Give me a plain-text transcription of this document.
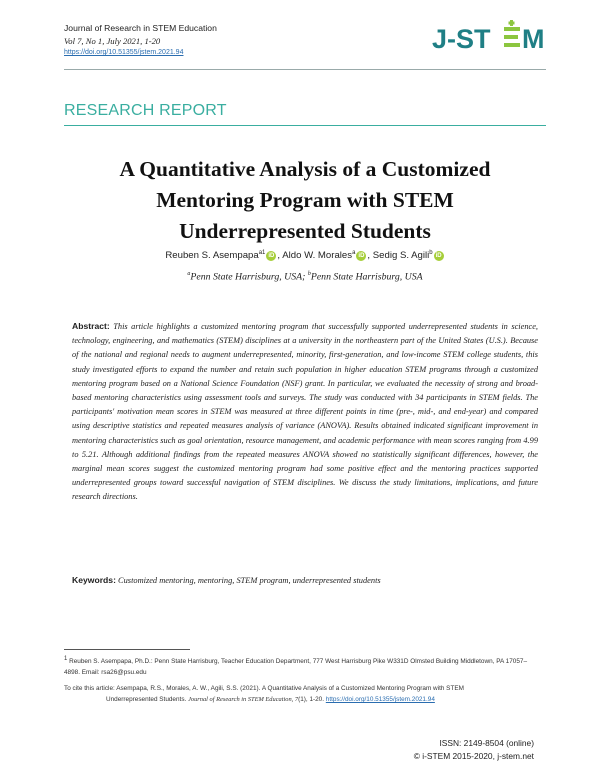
Journal of Research in STEM Education
Vol 7, No 1, July 2021, 1-20
https://doi.org/10.51355/jstem.2021.94	J-ST M
RESEARCH REPORT
A Quantitative Analysis of a Customized
Mentoring Program with STEM
Underrepresented Students
Reuben S. Asempapa$^{a1}$ iD , Aldo W. Morales$^a$ iD , Sedig S. Agili$^b$ iD
$^a$Penn State Harrisburg, USA; $^b$Penn State Harrisburg, USA
Abstract: This article highlights a customized mentoring program that successfully supported underrepresented students in science, technology, engineering, and mathematics (STEM) disciplines at a university in the northeastern part of the United States (U.S.). Because of the national and regional needs to augment underrepresented, minority, first-generation, and low-income STEM college students, this study investigated efforts to expand the number and retain such population in higher education STEM programs through a customized mentoring program based on a National Science Foundation (NSF) grant. In particular, we evaluated the necessity of strong and broad-based mentoring characteristics using assessment tools and surveys. The study was conducted with 34 participants in STEM fields. The participants' motivation mean scores in STEM was measured at three different points in time (pre-, mid-, and end-year) and compared using descriptive statistics and repeated measures analysis of variance (ANOVA). Results obtained indicated significant improvement in mentoring characteristics such as goal orientation, resource management, and academic performance with mean scores ranging from 4.99 to 5.21. Although additional findings from the repeated measures ANOVA showed no statistically significant differences, however, the marginal mean scores suggest the customized mentoring program had some positive effect and the mentoring practices supported underrepresented groups toward successful navigation of STEM disciplines. We discuss the study limitations, implications, and future research directions.
Keywords: Customized mentoring, mentoring, STEM program, underrepresented students
1 Reuben S. Asempapa, Ph.D.: Penn State Harrisburg, Teacher Education Department, 777 West Harrisburg Pike W331D Olmsted Building Middletown, PA 17057–4898. Email: rsa26@psu.edu
To cite this article: Asempapa, R.S., Morales, A. W., Agili, S.S. (2021). A Quantitative Analysis of a Customized Mentoring Program with STEM
Underrepresented Students. Journal of Research in STEM Education, 7(1), 1-20. https://doi.org/10.51355/jstem.2021.94
ISSN: 2149-8504 (online)
© i-STEM 2015-2020, j-stem.net
